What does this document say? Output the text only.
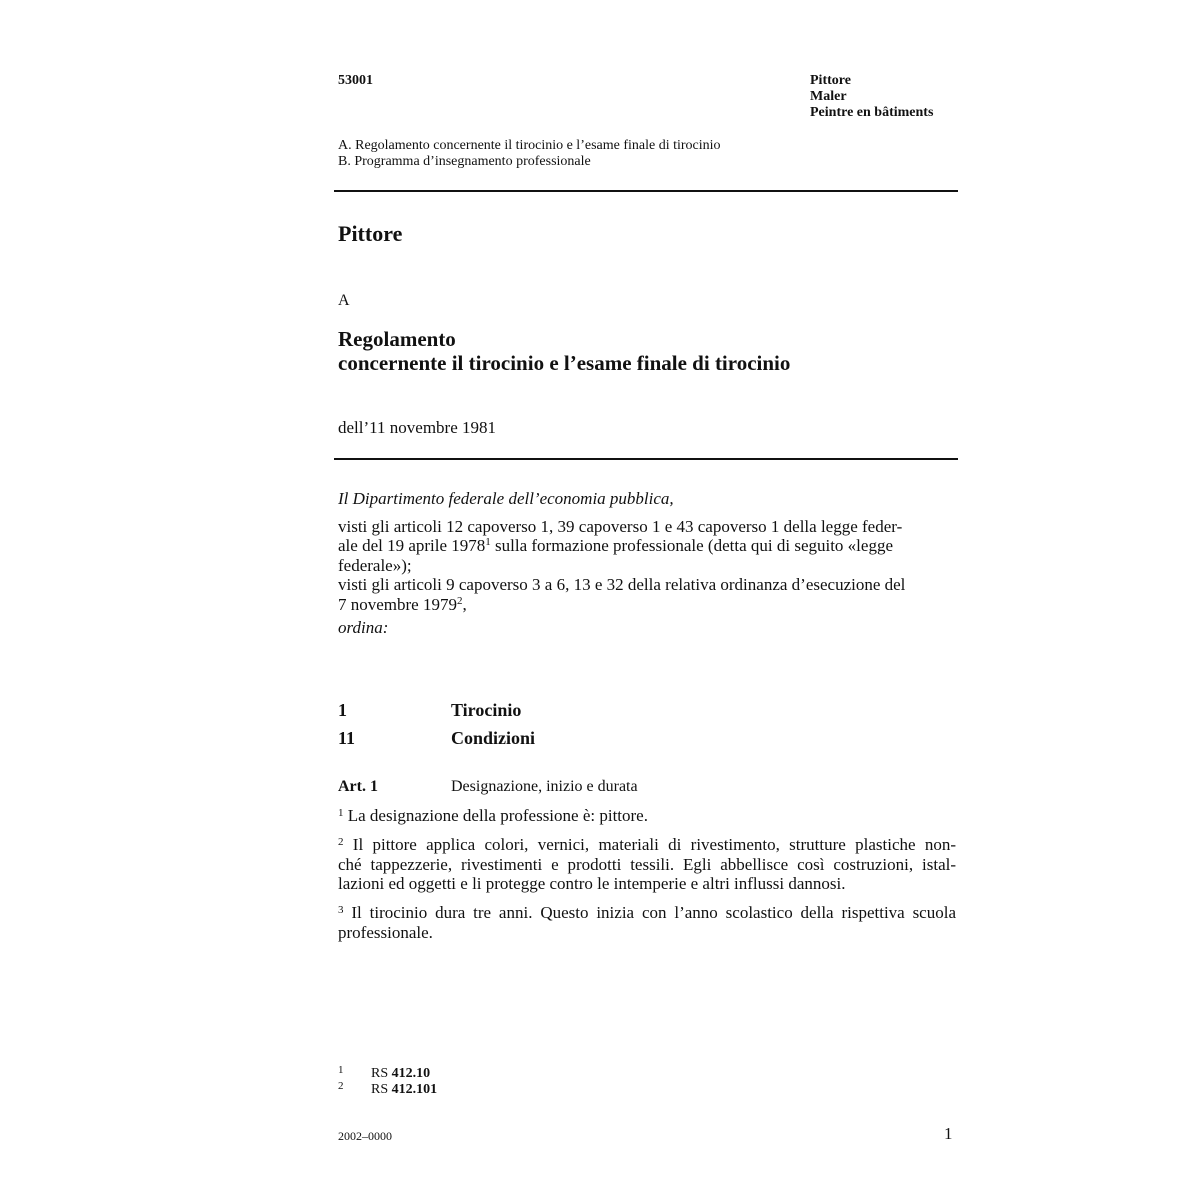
53001	Pittore
Maler
Peintre en bâtiments
A. Regolamento concernente il tirocinio e l’esame finale di tirocinio
B. Programma d’insegnamento professionale
Pittore
A
Regolamento
concernente il tirocinio e l’esame finale di tirocinio
dell’11 novembre 1981
Il Dipartimento federale dell’economia pubblica,
visti gli articoli 12 capoverso 1, 39 capoverso 1 e 43 capoverso 1 della legge feder-
ale del 19 aprile 1978$^1$ sulla formazione professionale (detta qui di seguito «legge
federale»);
visti gli articoli 9 capoverso 3 a 6, 13 e 32 della relativa ordinanza d’esecuzione del
7 novembre 1979$^2$,
ordina:
1	Tirocinio
11	Condizioni
Art. 1	Designazione, inizio e durata
$^1$ La designazione della professione è: pittore.
$^2$ Il pittore applica colori, vernici, materiali di rivestimento, strutture plastiche non-
ché tappezzerie, rivestimenti e prodotti tessili. Egli abbellisce così costruzioni, istal-
lazioni ed oggetti e li protegge contro le intemperie e altri influssi dannosi.
$^3$ Il tirocinio dura tre anni. Questo inizia con l’anno scolastico della rispettiva scuola
professionale.
1 RS 412.10
2 RS 412.101
2002–0000	1
